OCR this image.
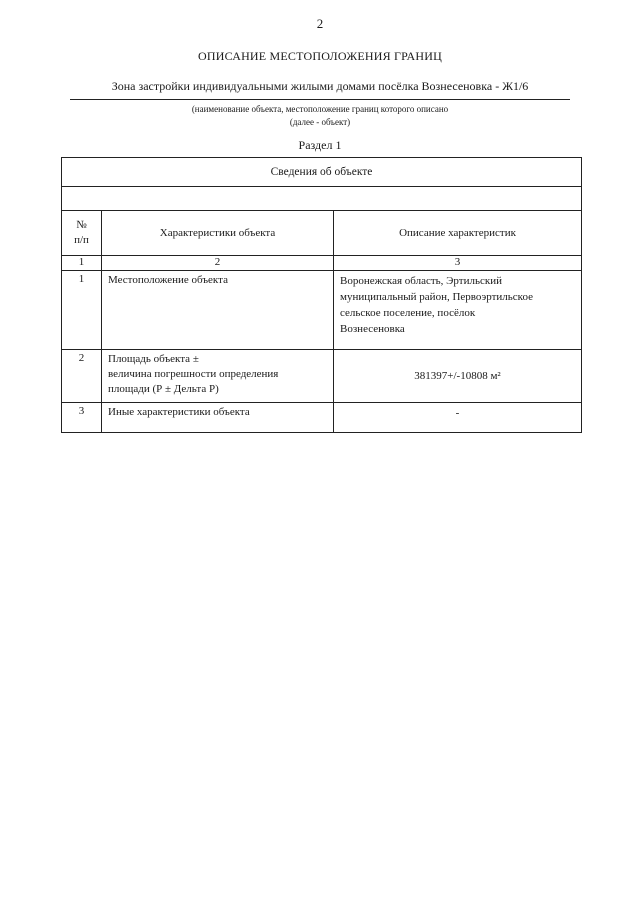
2
ОПИСАНИЕ МЕСТОПОЛОЖЕНИЯ ГРАНИЦ
Зона застройки индивидуальными жилыми домами посёлка Вознесеновка - Ж1/6
(наименование объекта, местоположение границ которого описано
(далее - объект)
Раздел 1
Сведения об объекте		

№
п/п	Характеристики объекта	Описание характеристик
1	2	3
1	Местоположение объекта	Воронежская область, Эртильский
муниципальный район, Первоэртильское
сельское поселение, посёлок
Вознесеновка

2	Площадь объекта ±
величина погрешности определения
площади (Р ± Дельта Р)	381397+/-10808 м²
3	Иные характеристики объекта	-
